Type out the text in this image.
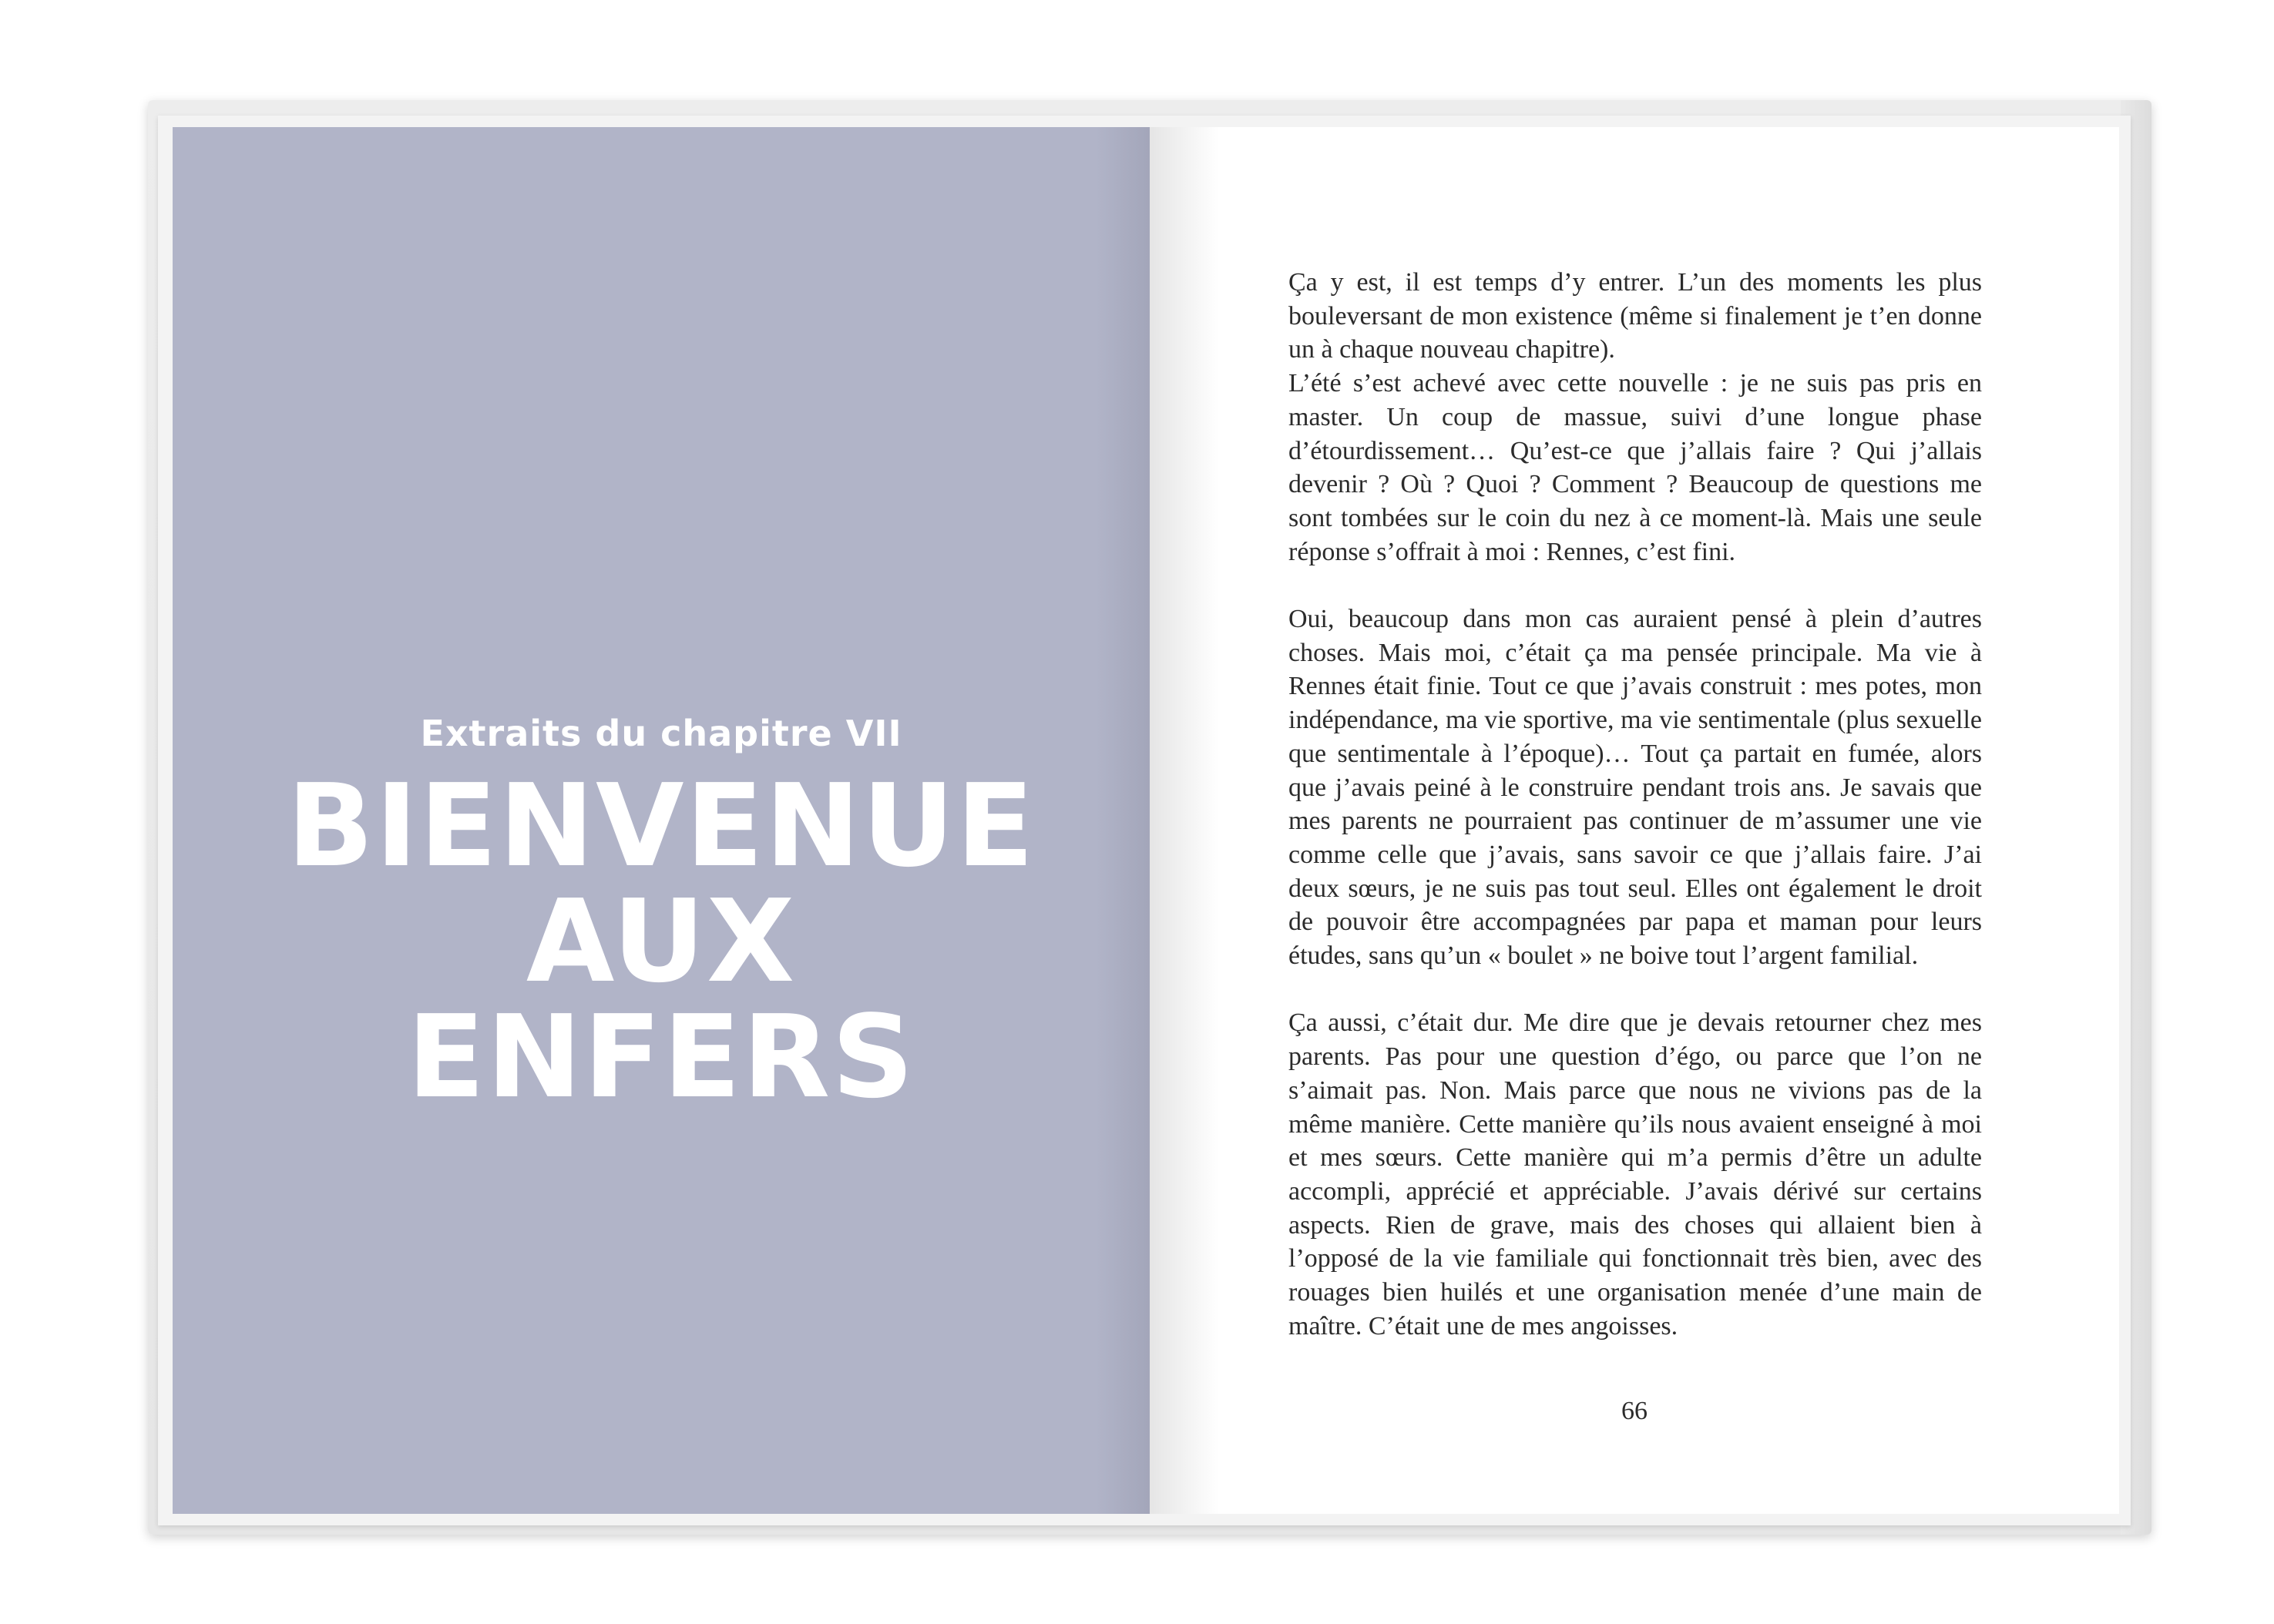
Extraits du chapitre VII
BIENVENUE
AUX
ENFERS

Ça y est, il est temps d’y entrer. L’un des moments les plus bouleversant de mon existence (même si finalement je t’en donne un à chaque nouveau chapitre).

L’été s’est achevé avec cette nouvelle : je ne suis pas pris en master. Un coup de massue, suivi d’une longue phase d’étourdissement… Qu’est-ce que j’allais faire ? Qui j’allais devenir ? Où ? Quoi ? Comment ? Beaucoup de questions me sont tombées sur le coin du nez à ce moment-là. Mais une seule réponse s’offrait à moi : Rennes, c’est fini.

Oui, beaucoup dans mon cas auraient pensé à plein d’autres choses. Mais moi, c’était ça ma pensée principale. Ma vie à Rennes était finie. Tout ce que j’avais construit : mes potes, mon indépendance, ma vie sportive, ma vie sentimentale (plus sexuelle que sentimentale à l’époque)… Tout ça partait en fumée, alors que j’avais peiné à le construire pendant trois ans. Je savais que mes parents ne pourraient pas continuer de m’assumer une vie comme celle que j’avais, sans savoir ce que j’allais faire. J’ai deux sœurs, je ne suis pas tout seul. Elles ont également le droit de pouvoir être accompagnées par papa et maman pour leurs études, sans qu’un « boulet » ne boive tout l’argent familial.

Ça aussi, c’était dur. Me dire que je devais retourner chez mes parents. Pas pour une question d’égo, ou parce que l’on ne s’aimait pas. Non. Mais parce que nous ne vivions pas de la même manière. Cette manière qu’ils nous avaient enseigné à moi et mes sœurs. Cette manière qui m’a permis d’être un adulte accompli, apprécié et appréciable. J’avais dérivé sur certains aspects. Rien de grave, mais des choses qui allaient bien à l’opposé de la vie familiale qui fonctionnait très bien, avec des rouages bien huilés et une organisation menée d’une main de maître. C’était une de mes angoisses.

66
